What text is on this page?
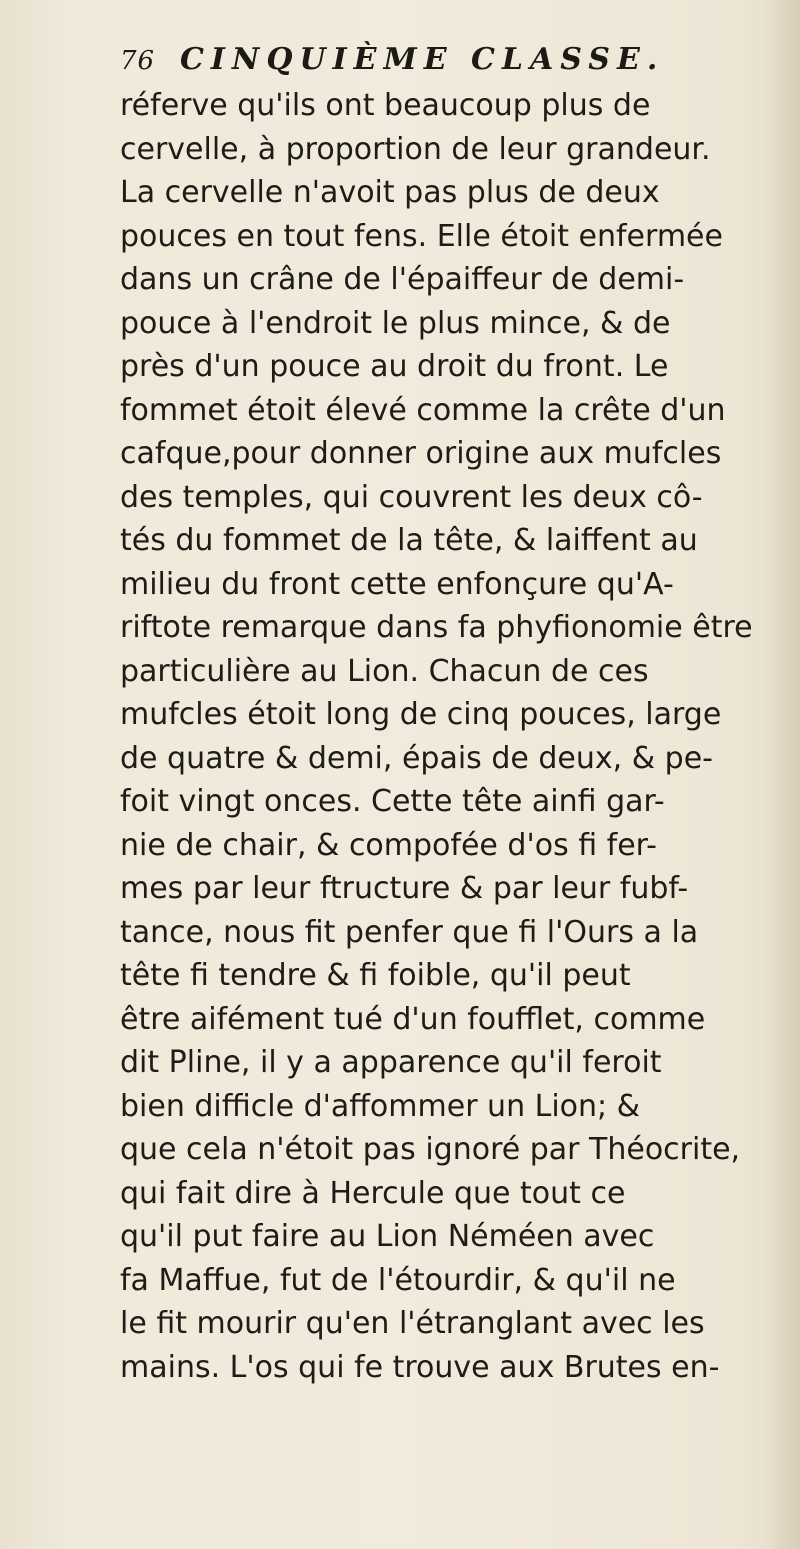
76 CINQUIÈME CLASSE.
réferve qu'ils ont beaucoup plus de
cervelle, à proportion de leur grandeur.
La cervelle n'avoit pas plus de deux
pouces en tout fens. Elle étoit enfermée
dans un crâne de l'épaiffeur de demi-
pouce à l'endroit le plus mince, & de
près d'un pouce au droit du front. Le
fommet étoit élevé comme la crête d'un
cafque,pour donner origine aux mufcles
des temples, qui couvrent les deux cô-
tés du fommet de la tête, & laiffent au
milieu du front cette enfonçure qu'A-
riftote remarque dans fa phyfionomie être
particulière au Lion. Chacun de ces
mufcles étoit long de cinq pouces, large
de quatre & demi, épais de deux, & pe-
foit vingt onces. Cette tête ainfi gar-
nie de chair, & compofée d'os fi fer-
mes par leur ftructure & par leur fubf-
tance, nous fit penfer que fi l'Ours a la
tête fi tendre & fi foible, qu'il peut
être aifément tué d'un foufflet, comme
dit Pline, il y a apparence qu'il feroit
bien difficle d'affommer un Lion; &
que cela n'étoit pas ignoré par Théocrite,
qui fait dire à Hercule que tout ce
qu'il put faire au Lion Néméen avec
fa Maffue, fut de l'étourdir, & qu'il ne
le fit mourir qu'en l'étranglant avec les
mains. L'os qui fe trouve aux Brutes en-
